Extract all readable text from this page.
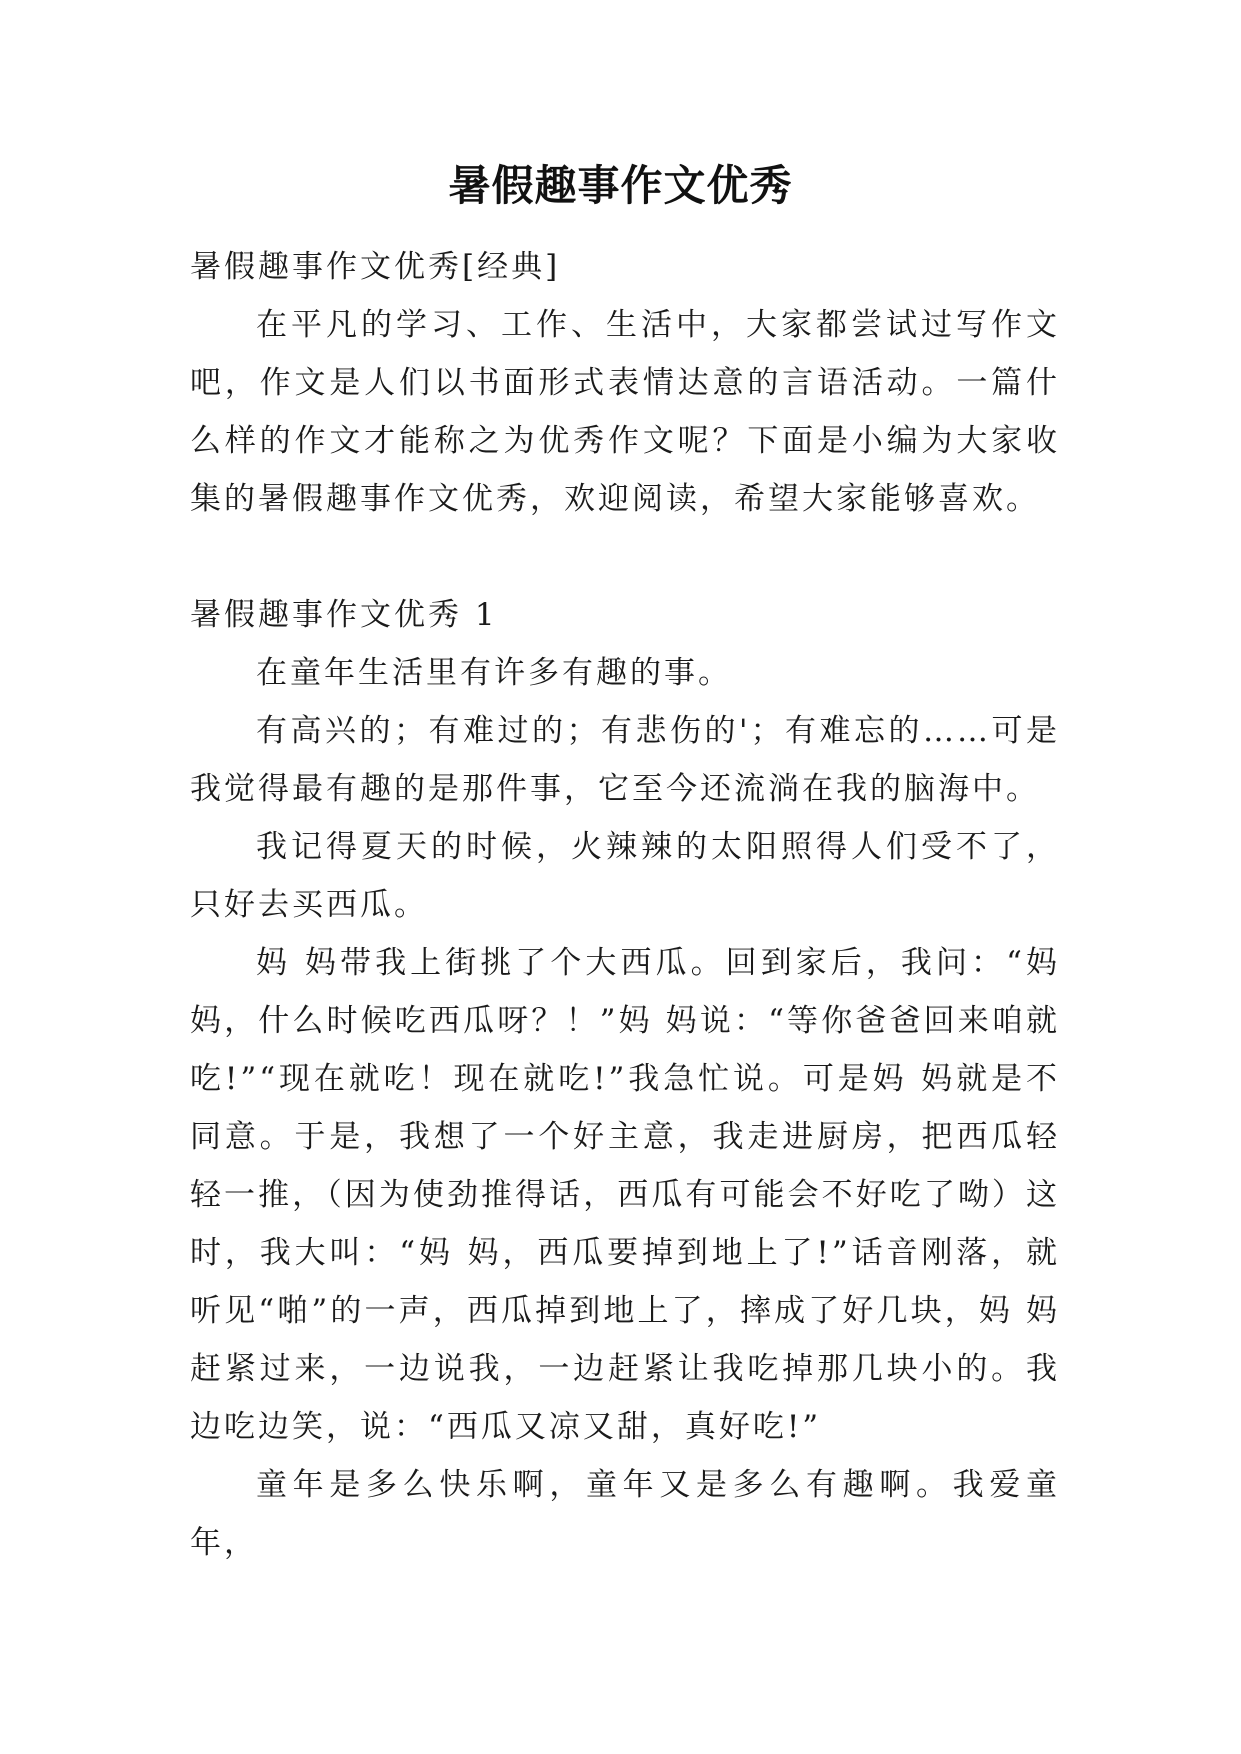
暑假趣事作文优秀

暑假趣事作文优秀[经典]

在平凡的学习、工作、生活中，大家都尝试过写作文吧，作文是人们以书面形式表情达意的言语活动。一篇什么样的作文才能称之为优秀作文呢？下面是小编为大家收集的暑假趣事作文优秀，欢迎阅读，希望大家能够喜欢。

暑假趣事作文优秀 1

在童年生活里有许多有趣的事。

有高兴的；有难过的；有悲伤的'；有难忘的……可是我觉得最有趣的是那件事，它至今还流淌在我的脑海中。

我记得夏天的时候，火辣辣的太阳照得人们受不了，只好去买西瓜。

妈 妈带我上街挑了个大西瓜。回到家后，我问：“妈妈，什么时候吃西瓜呀？！”妈 妈说：“等你爸爸回来咱就吃!”“现在就吃！现在就吃!”我急忙说。可是妈 妈就是不同意。于是，我想了一个好主意，我走进厨房，把西瓜轻轻一推，（因为使劲推得话，西瓜有可能会不好吃了呦）这时，我大叫：“妈 妈，西瓜要掉到地上了!”话音刚落，就听见“啪”的一声，西瓜掉到地上了，摔成了好几块，妈 妈赶紧过来，一边说我，一边赶紧让我吃掉那几块小的。我边吃边笑，说：“西瓜又凉又甜，真好吃!”

童年是多么快乐啊，童年又是多么有趣啊。我爱童年，
